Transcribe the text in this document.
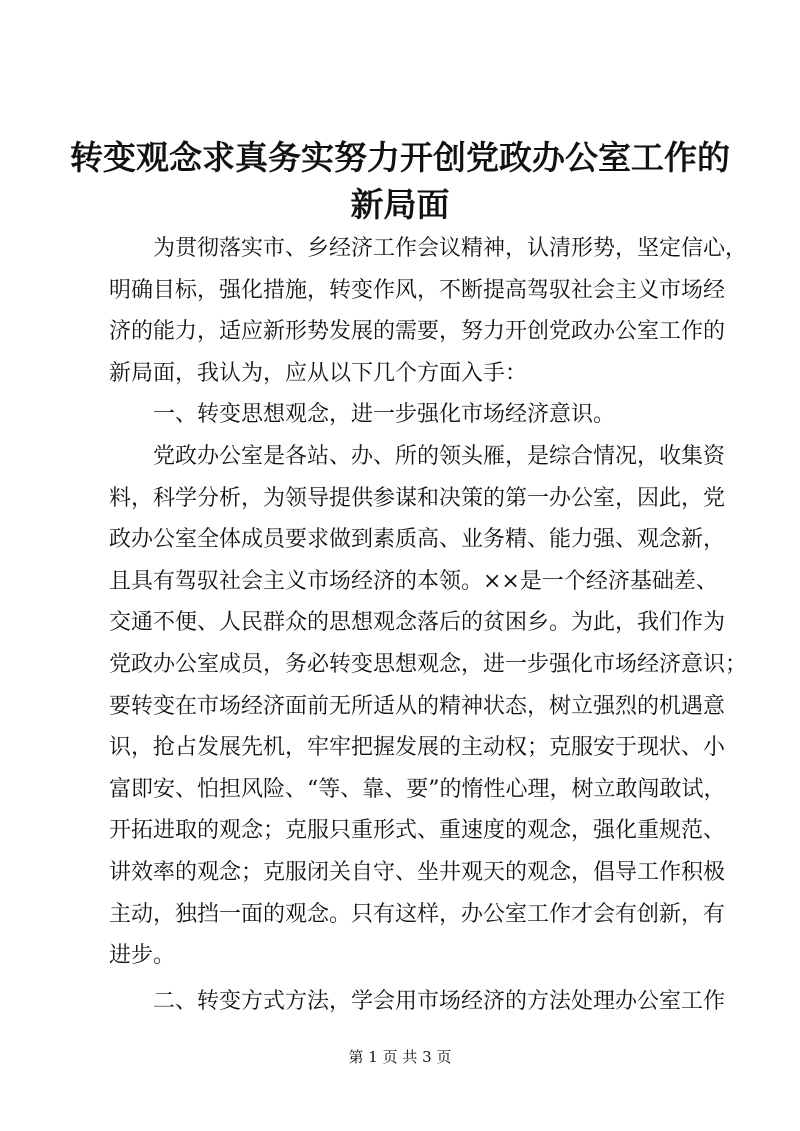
转变观念求真务实努力开创党政办公室工作的
新局面
为贯彻落实市、乡经济工作会议精神，认清形势，坚定信心，
明确目标，强化措施，转变作风，不断提高驾驭社会主义市场经
济的能力，适应新形势发展的需要，努力开创党政办公室工作的
新局面，我认为，应从以下几个方面入手：
一、转变思想观念，进一步强化市场经济意识。
党政办公室是各站、办、所的领头雁，是综合情况，收集资
料，科学分析，为领导提供参谋和决策的第一办公室，因此，党
政办公室全体成员要求做到素质高、业务精、能力强、观念新，
且具有驾驭社会主义市场经济的本领。××是一个经济基础差、
交通不便、人民群众的思想观念落后的贫困乡。为此，我们作为
党政办公室成员，务必转变思想观念，进一步强化市场经济意识；
要转变在市场经济面前无所适从的精神状态，树立强烈的机遇意
识，抢占发展先机，牢牢把握发展的主动权；克服安于现状、小
富即安、怕担风险、“等、靠、要”的惰性心理，树立敢闯敢试，
开拓进取的观念；克服只重形式、重速度的观念，强化重规范、
讲效率的观念；克服闭关自守、坐井观天的观念，倡导工作积极
主动，独挡一面的观念。只有这样，办公室工作才会有创新，有
进步。
二、转变方式方法，学会用市场经济的方法处理办公室工作
第 1 页 共 3 页
